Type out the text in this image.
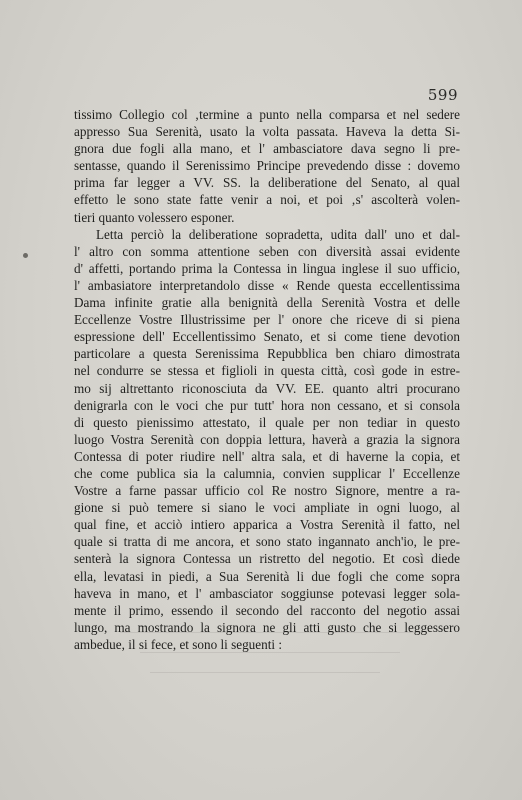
599
tissimo Collegio col ‚termine a punto nella comparsa et nel sedere
appresso Sua Serenità, usato la volta passata. Haveva la detta Si-
gnora due fogli alla mano, et l' ambasciatore dava segno li pre-
sentasse, quando il Serenissimo Principe prevedendo disse : dovemo
prima far legger a VV. SS. la deliberatione del Senato, al qual
effetto le sono state fatte venir a noi, et poi ‚s' ascolterà volen-
tieri quanto volessero esponer.
Letta perciò la deliberatione sopradetta, udita dall' uno et dal-
l' altro con somma attentione seben con diversità assai evidente
d' affetti, portando prima la Contessa in lingua inglese il suo ufficio,
l' ambasiatore interpretandolo disse « Rende questa eccellentissima
Dama infinite gratie alla benignità della Serenità Vostra et delle
Eccellenze Vostre Illustrissime per l' onore che riceve di si piena
espressione dell' Eccellentissimo Senato, et si come tiene devotion
particolare a questa Serenissima Repubblica ben chiaro dimostrata
nel condurre se stessa et figlioli in questa città, così gode in estre-
mo sij altrettanto riconosciuta da VV. EE. quanto altri procurano
denigrarla con le voci che pur tutt' hora non cessano, et si consola
di questo pienissimo attestato, il quale per non tediar in questo
luogo Vostra Serenità con doppia lettura, haverà a grazia la signora
Contessa di poter riudire nell' altra sala, et di haverne la copia, et
che come publica sia la calumnia, convien supplicar l' Eccellenze
Vostre a farne passar ufficio col Re nostro Signore, mentre a ra-
gione si può temere si siano le voci ampliate in ogni luogo, al
qual fine, et acciò intiero apparica a Vostra Serenità il fatto, nel
quale si tratta di me ancora, et sono stato ingannato anch'io, le pre-
senterà la signora Contessa un ristretto del negotio. Et così diede
ella, levatasi in piedi, a Sua Serenità li due fogli che come sopra
haveva in mano, et l' ambasciator soggiunse potevasi legger sola-
mente il primo, essendo il secondo del racconto del negotio assai
lungo, ma mostrando la signora ne gli atti gusto che si leggessero
ambedue, il si fece, et sono li seguenti :
